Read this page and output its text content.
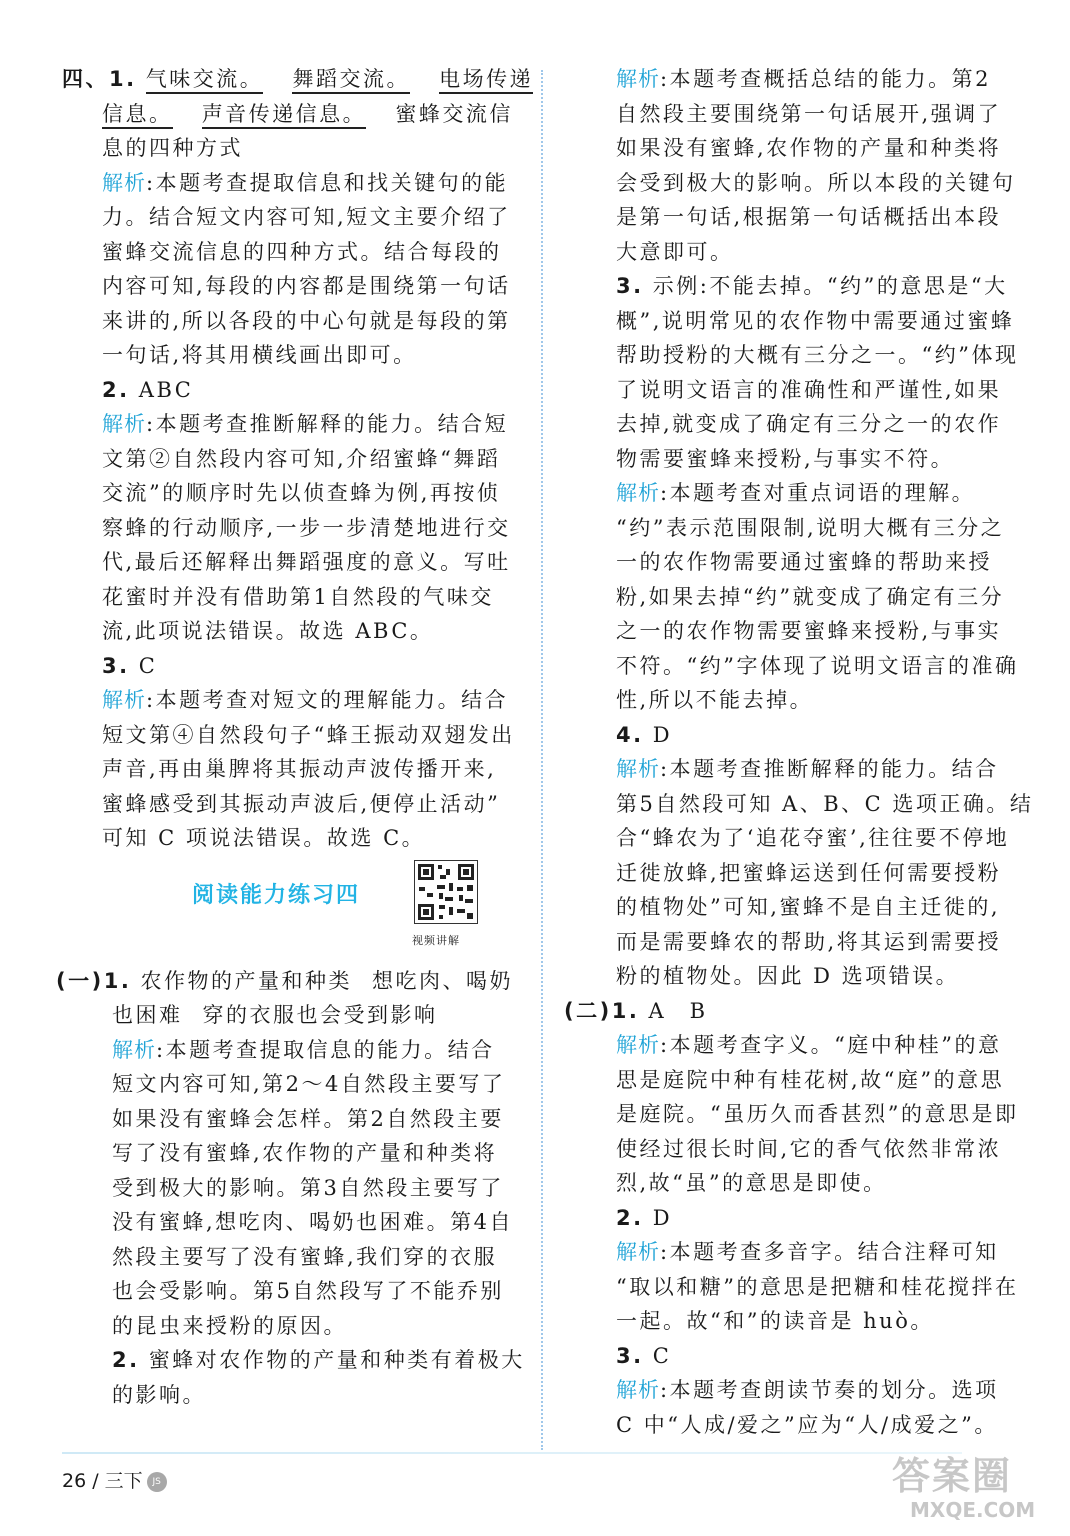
四、1. 气味交流。 舞蹈交流。 电场传递
信息。 声音传递信息。 蜜蜂交流信
息的四种方式
解析:本题考查提取信息和找关键句的能
力。结合短文内容可知,短文主要介绍了
蜜蜂交流信息的四种方式。结合每段的
内容可知,每段的内容都是围绕第一句话
来讲的,所以各段的中心句就是每段的第
一句话,将其用横线画出即可。
2. ABC
解析:本题考查推断解释的能力。结合短
文第②自然段内容可知,介绍蜜蜂“舞蹈
交流”的顺序时先以侦查蜂为例,再按侦
察蜂的行动顺序,一步一步清楚地进行交
代,最后还解释出舞蹈强度的意义。写吐
花蜜时并没有借助第1自然段的气味交
流,此项说法错误。故选 ABC。
3. C
解析:本题考查对短文的理解能力。结合
短文第④自然段句子“蜂王振动双翅发出
声音,再由巢脾将其振动声波传播开来,
蜜蜂感受到其振动声波后,便停止活动”
可知 C 项说法错误。故选 C。
阅读能力练习四
视频讲解
(一)1. 农作物的产量和种类 想吃肉、喝奶
也困难 穿的衣服也会受到影响
解析:本题考查提取信息的能力。结合
短文内容可知,第2～4自然段主要写了
如果没有蜜蜂会怎样。第2自然段主要
写了没有蜜蜂,农作物的产量和种类将
受到极大的影响。第3自然段主要写了
没有蜜蜂,想吃肉、喝奶也困难。第4自
然段主要写了没有蜜蜂,我们穿的衣服
也会受影响。第5自然段写了不能乔别
的昆虫来授粉的原因。
2. 蜜蜂对农作物的产量和种类有着极大
的影响。
解析:本题考查概括总结的能力。第2
自然段主要围绕第一句话展开,强调了
如果没有蜜蜂,农作物的产量和种类将
会受到极大的影响。所以本段的关键句
是第一句话,根据第一句话概括出本段
大意即可。
3. 示例:不能去掉。“约”的意思是“大
概”,说明常见的农作物中需要通过蜜蜂
帮助授粉的大概有三分之一。“约”体现
了说明文语言的准确性和严谨性,如果
去掉,就变成了确定有三分之一的农作
物需要蜜蜂来授粉,与事实不符。
解析:本题考查对重点词语的理解。
“约”表示范围限制,说明大概有三分之
一的农作物需要通过蜜蜂的帮助来授
粉,如果去掉“约”就变成了确定有三分
之一的农作物需要蜜蜂来授粉,与事实
不符。“约”字体现了说明文语言的准确
性,所以不能去掉。
4. D
解析:本题考查推断解释的能力。结合
第5自然段可知 A、B、C 选项正确。结
合“蜂农为了‘追花夺蜜’,往往要不停地
迁徙放蜂,把蜜蜂运送到任何需要授粉
的植物处”可知,蜜蜂不是自主迁徙的,
而是需要蜂农的帮助,将其运到需要授
粉的植物处。因此 D 选项错误。
(二)1. A　B
解析:本题考查字义。“庭中种桂”的意
思是庭院中种有桂花树,故“庭”的意思
是庭院。“虽历久而香甚烈”的意思是即
使经过很长时间,它的香气依然非常浓
烈,故“虽”的意思是即使。
2. D
解析:本题考查多音字。结合注释可知
“取以和糖”的意思是把糖和桂花搅拌在
一起。故“和”的读音是 huò。
3. C
解析:本题考查朗读节奏的划分。选项
C 中“人成/爱之”应为“人/成爱之”。
26 / 三下 JS	答案圈
MXQE.COM
